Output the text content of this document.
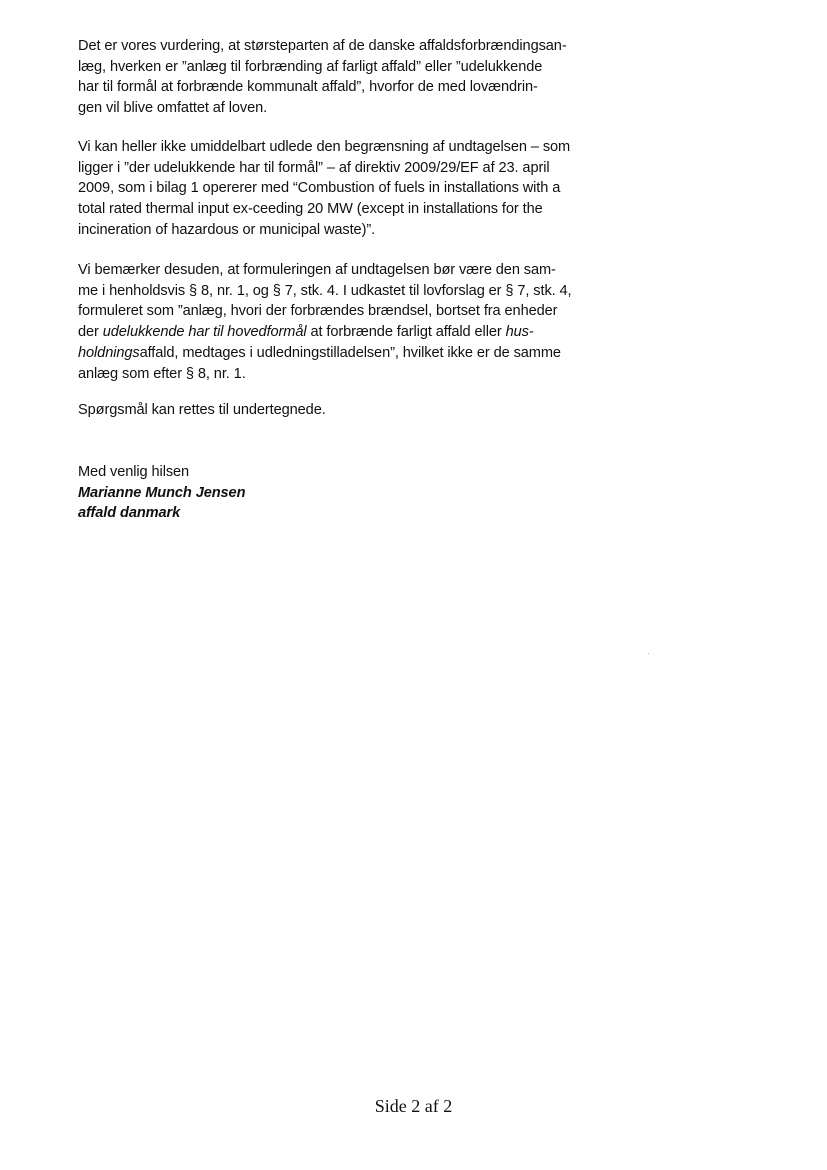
Det er vores vurdering, at størsteparten af de danske affaldsforbrændingsan-
læg, hverken er ”anlæg til forbrænding af farligt affald” eller ”udelukkende
har til formål at forbrænde kommunalt affald”, hvorfor de med lovændrin-
gen vil blive omfattet af loven.

Vi kan heller ikke umiddelbart udlede den begrænsning af undtagelsen – som
ligger i ”der udelukkende har til formål” – af direktiv 2009/29/EF af 23. april
2009, som i bilag 1 opererer med “Combustion of fuels in installations with a
total rated thermal input ex-ceeding 20 MW (except in installations for the
incineration of hazardous or municipal waste)”.

Vi bemærker desuden, at formuleringen af undtagelsen bør være den sam-
me i henholdsvis § 8, nr. 1, og § 7, stk. 4. I udkastet til lovforslag er § 7, stk. 4,
formuleret som ”anlæg, hvori der forbrændes brændsel, bortset fra enheder
der udelukkende har til hovedformål at forbrænde farligt affald eller hus-
holdningsaffald, medtages i udledningstilladelsen”, hvilket ikke er de samme
anlæg som efter § 8, nr. 1.

Spørgsmål kan rettes til undertegnede.

Med venlig hilsen
Marianne Munch Jensen
affald danmark
Side 2 af 2
